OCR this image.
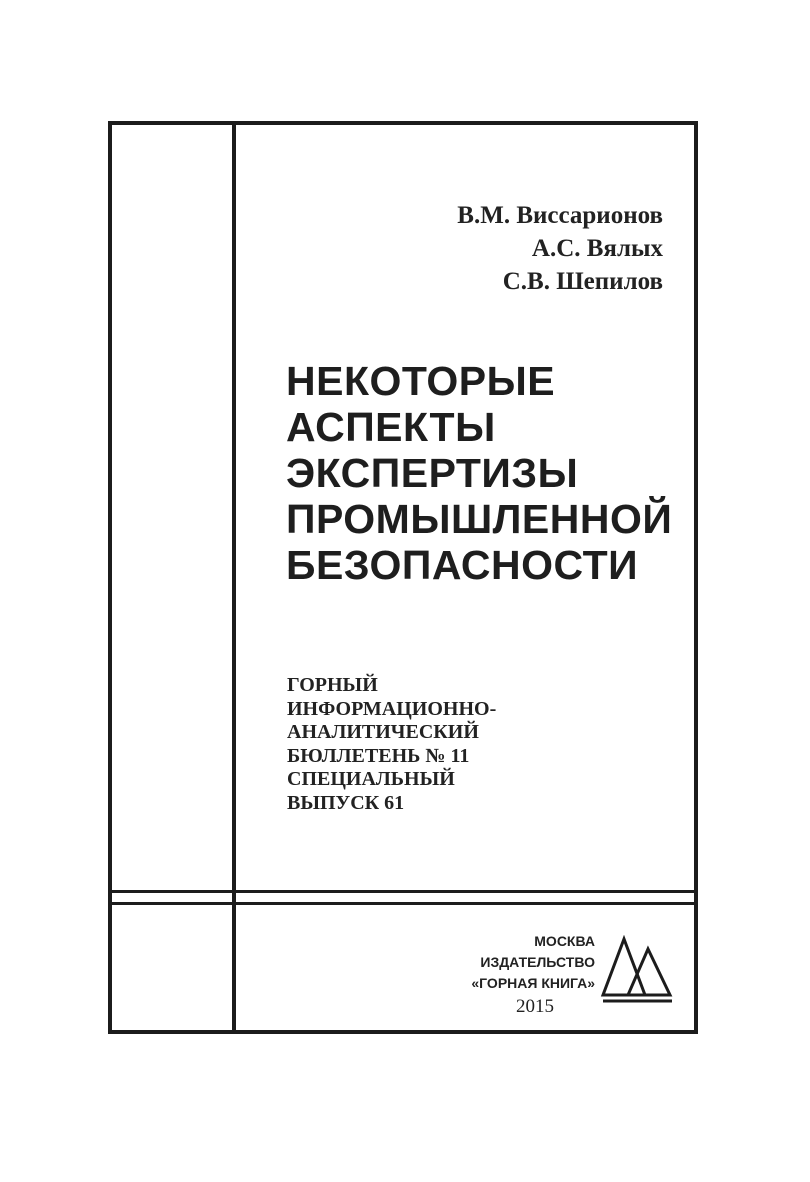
В.М. Виссарионов
А.С. Вялых
С.В. Шепилов
НЕКОТОРЫЕ
АСПЕКТЫ
ЭКСПЕРТИЗЫ
ПРОМЫШЛЕННОЙ
БЕЗОПАСНОСТИ
ГОРНЫЙ
ИНФОРМАЦИОННО-
АНАЛИТИЧЕСКИЙ
БЮЛЛЕТЕНЬ № 11
СПЕЦИАЛЬНЫЙ
ВЫПУСК 61
МОСКВА
ИЗДАТЕЛЬСТВО
«ГОРНАЯ КНИГА»
2015
